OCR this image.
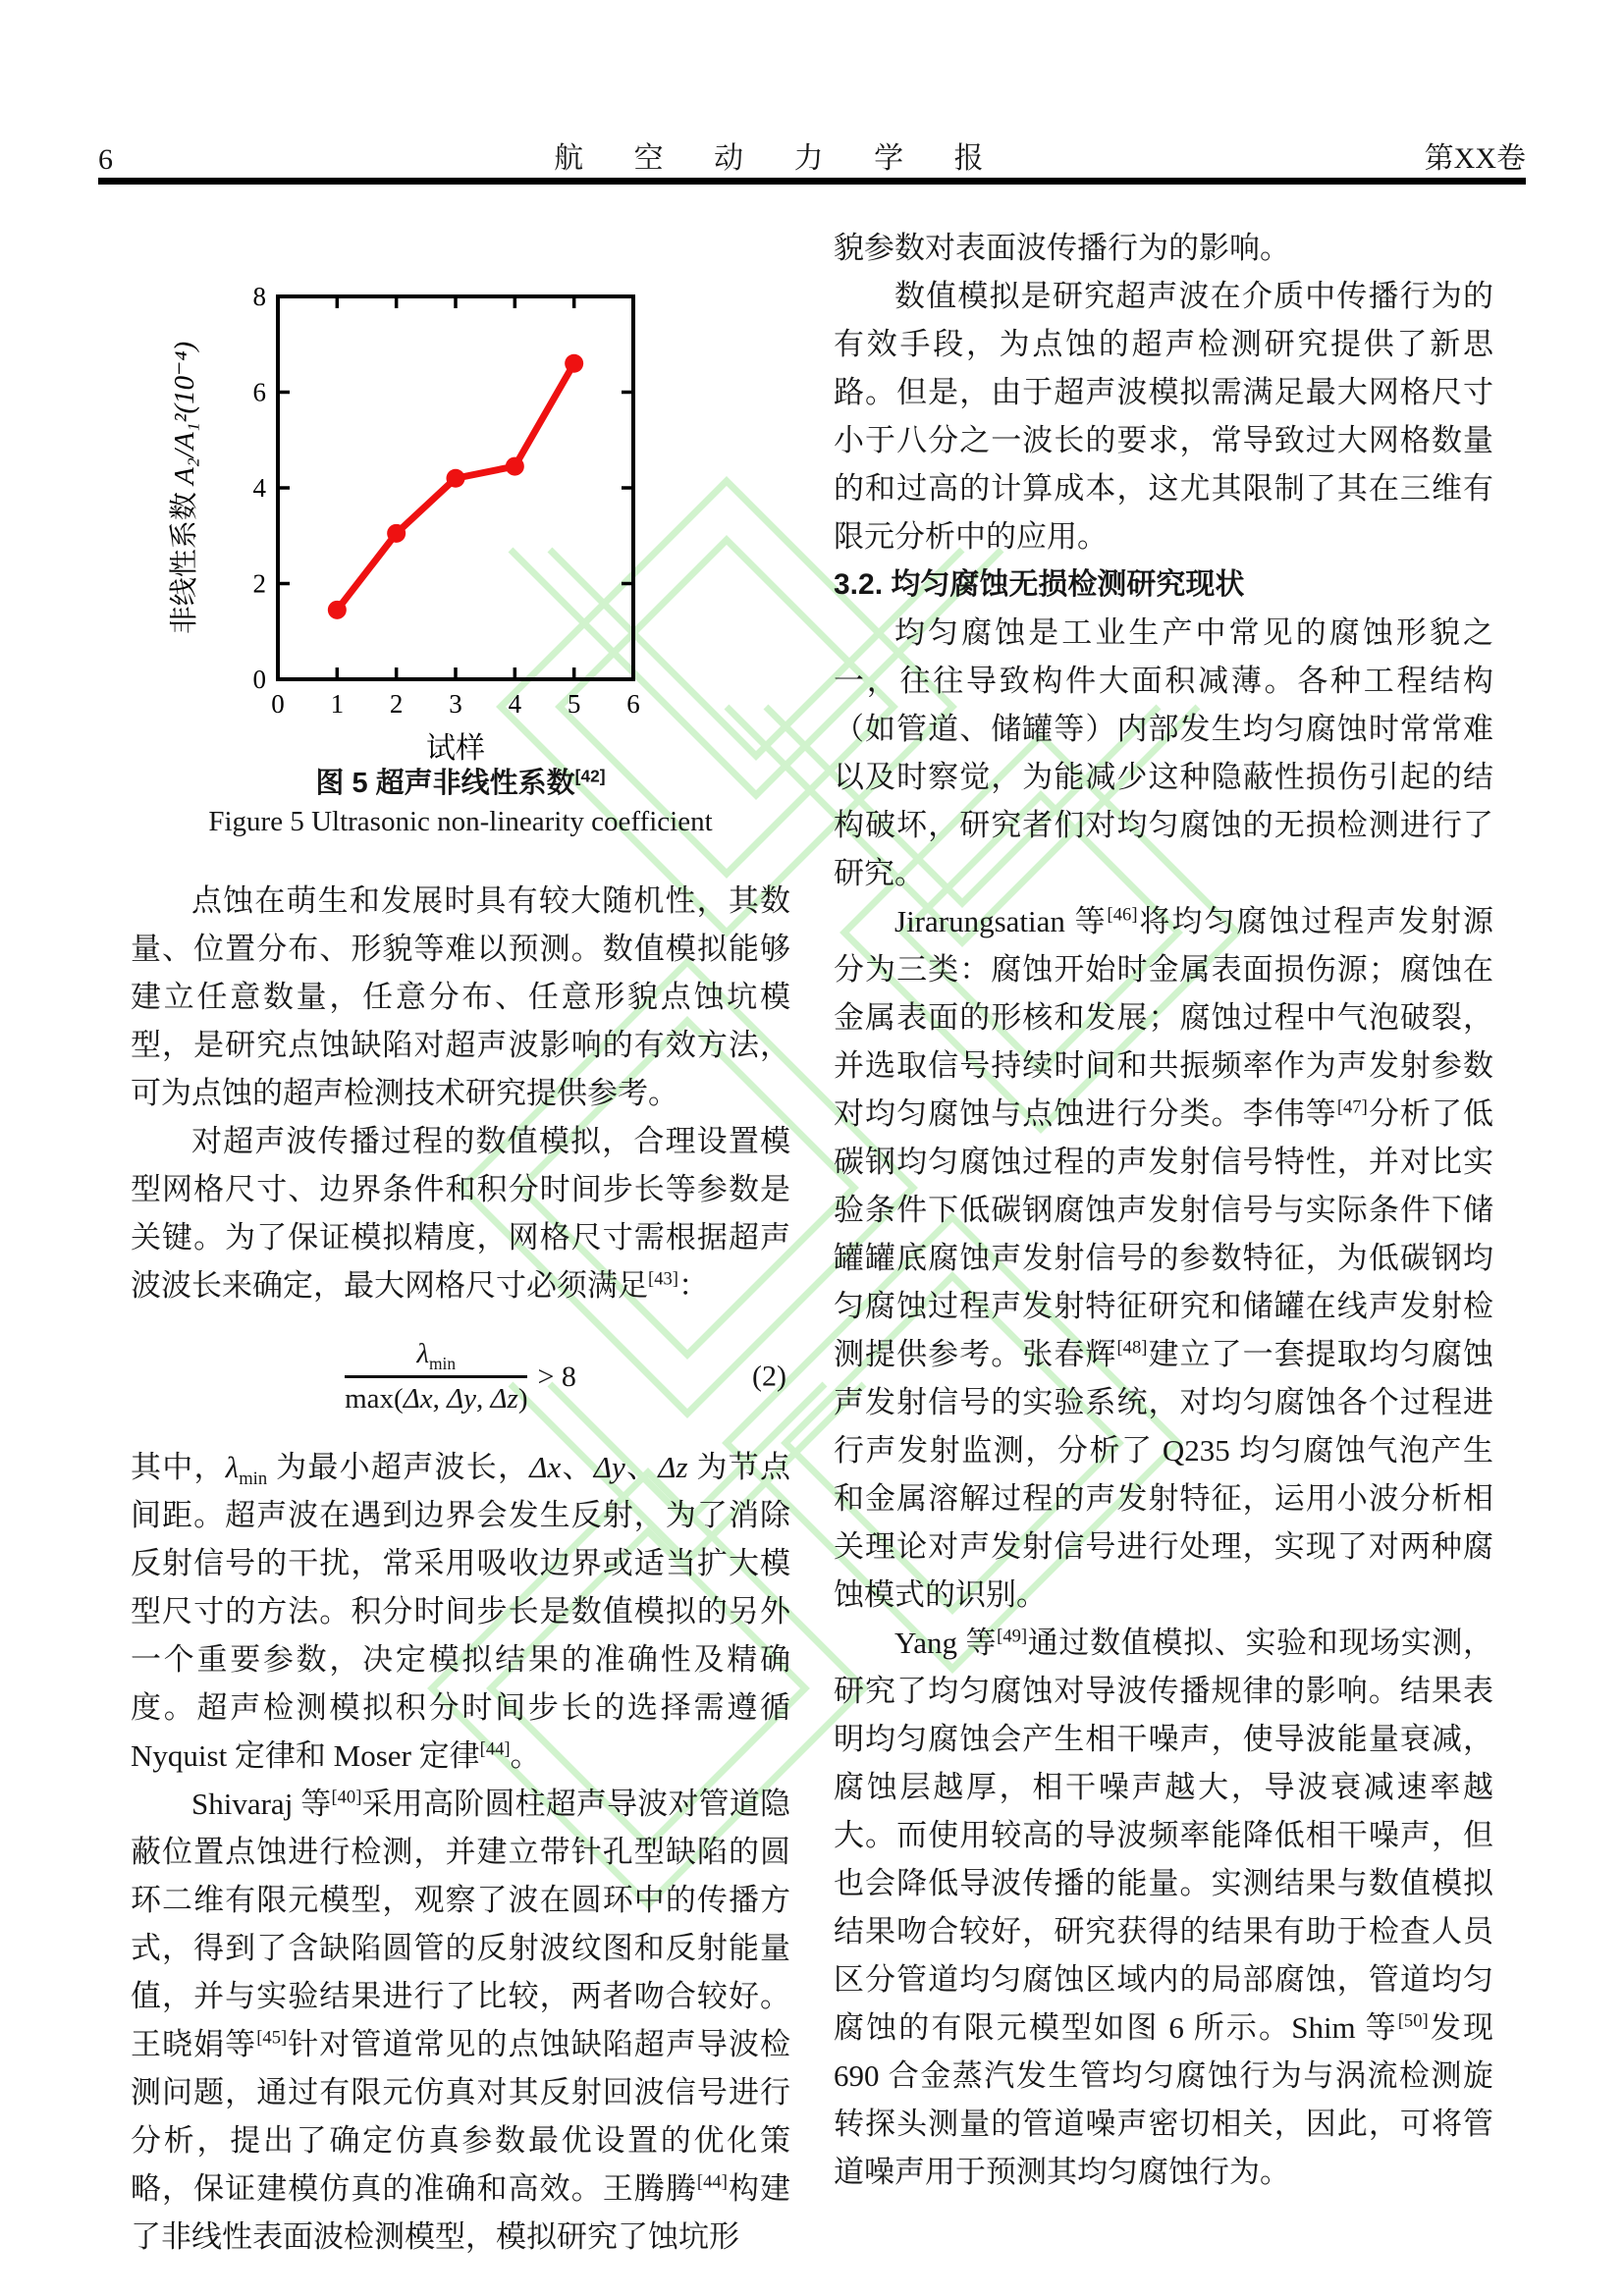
6	航 空 动 力 学 报	第XX卷
0 1 2 3 4 5 6
0
2
4
6
8
试样
非线性系数 A₂/A₁²(10⁻⁴)
图 5 超声非线性系数[42]
Figure 5 Ultrasonic non-linearity coefficient

点蚀在萌生和发展时具有较大随机性，其数量、位置分布、形貌等难以预测。数值模拟能够建立任意数量，任意分布、任意形貌点蚀坑模型，是研究点蚀缺陷对超声波影响的有效方法，可为点蚀的超声检测技术研究提供参考。

对超声波传播过程的数值模拟，合理设置模型网格尺寸、边界条件和积分时间步长等参数是关键。为了保证模拟精度，网格尺寸需根据超声波波长来确定，最大网格尺寸必须满足[43]：

$\frac{\lambda_{min}}{\max(\Delta x, \Delta y, \Delta z)} > 8$	(2)

其中，$\lambda_{min}$ 为最小超声波长，Δx、Δy、Δz 为节点间距。超声波在遇到边界会发生反射，为了消除反射信号的干扰，常采用吸收边界或适当扩大模型尺寸的方法。积分时间步长是数值模拟的另外一个重要参数，决定模拟结果的准确性及精确度。超声检测模拟积分时间步长的选择需遵循 Nyquist 定律和 Moser 定律[44]。

Shivaraj 等[40]采用高阶圆柱超声导波对管道隐蔽位置点蚀进行检测，并建立带针孔型缺陷的圆环二维有限元模型，观察了波在圆环中的传播方式，得到了含缺陷圆管的反射波纹图和反射能量值，并与实验结果进行了比较，两者吻合较好。王晓娟等[45]针对管道常见的点蚀缺陷超声导波检测问题，通过有限元仿真对其反射回波信号进行分析，提出了确定仿真参数最优设置的优化策略，保证建模仿真的准确和高效。王腾腾[44]构建了非线性表面波检测模型，模拟研究了蚀坑形

貌参数对表面波传播行为的影响。

数值模拟是研究超声波在介质中传播行为的有效手段，为点蚀的超声检测研究提供了新思路。但是，由于超声波模拟需满足最大网格尺寸小于八分之一波长的要求，常导致过大网格数量的和过高的计算成本，这尤其限制了其在三维有限元分析中的应用。

3.2. 均匀腐蚀无损检测研究现状

均匀腐蚀是工业生产中常见的腐蚀形貌之一，往往导致构件大面积减薄。各种工程结构（如管道、储罐等）内部发生均匀腐蚀时常常难以及时察觉，为能减少这种隐蔽性损伤引起的结构破坏，研究者们对均匀腐蚀的无损检测进行了研究。

Jirarungsatian 等[46]将均匀腐蚀过程声发射源分为三类：腐蚀开始时金属表面损伤源；腐蚀在金属表面的形核和发展；腐蚀过程中气泡破裂，并选取信号持续时间和共振频率作为声发射参数对均匀腐蚀与点蚀进行分类。李伟等[47]分析了低碳钢均匀腐蚀过程的声发射信号特性，并对比实验条件下低碳钢腐蚀声发射信号与实际条件下储罐罐底腐蚀声发射信号的参数特征，为低碳钢均匀腐蚀过程声发射特征研究和储罐在线声发射检测提供参考。张春辉[48]建立了一套提取均匀腐蚀声发射信号的实验系统，对均匀腐蚀各个过程进行声发射监测，分析了 Q235 均匀腐蚀气泡产生和金属溶解过程的声发射特征，运用小波分析相关理论对声发射信号进行处理，实现了对两种腐蚀模式的识别。

Yang 等[49]通过数值模拟、实验和现场实测，研究了均匀腐蚀对导波传播规律的影响。结果表明均匀腐蚀会产生相干噪声，使导波能量衰减，腐蚀层越厚，相干噪声越大，导波衰减速率越大。而使用较高的导波频率能降低相干噪声，但也会降低导波传播的能量。实测结果与数值模拟结果吻合较好，研究获得的结果有助于检查人员区分管道均匀腐蚀区域内的局部腐蚀，管道均匀腐蚀的有限元模型如图 6 所示。Shim 等[50]发现 690 合金蒸汽发生管均匀腐蚀行为与涡流检测旋转探头测量的管道噪声密切相关，因此，可将管道噪声用于预测其均匀腐蚀行为。
